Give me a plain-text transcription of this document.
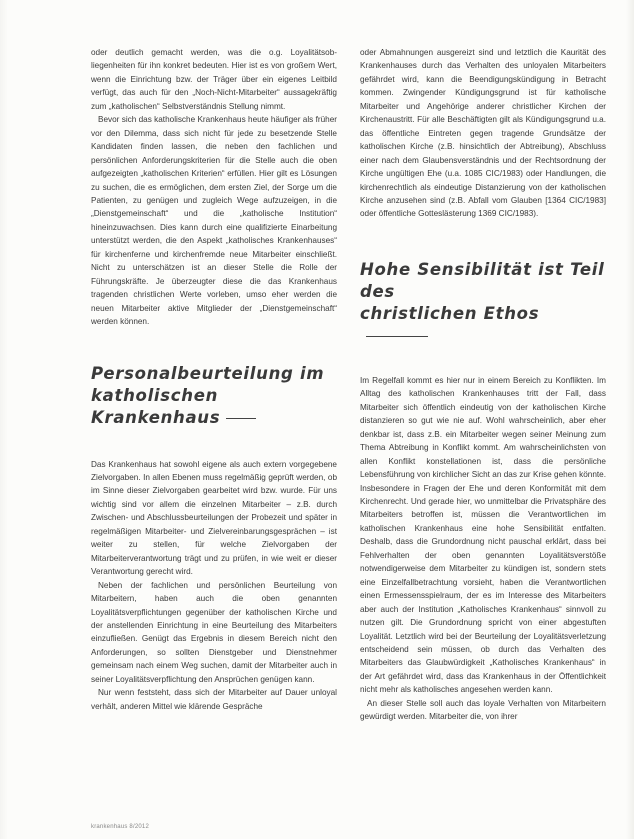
oder deutlich gemacht werden, was die o.g. Loyalitätsob-liegenheiten für ihn konkret bedeuten. Hier ist es von großem Wert, wenn die Einrichtung bzw. der Träger über ein eigenes Leitbild verfügt, das auch für den „Noch-Nicht-Mitarbeiter“ aussagekräftig zum „katholischen“ Selbstverständnis Stellung nimmt.

Bevor sich das katholische Krankenhaus heute häufiger als früher vor den Dilemma, dass sich nicht für jede zu besetzende Stelle Kandidaten finden lassen, die neben den fachlichen und persönlichen Anforderungskriterien für die Stelle auch die oben aufgezeigten „katholischen Kriterien“ erfüllen. Hier gilt es Lösungen zu suchen, die es ermöglichen, dem ersten Ziel, der Sorge um die Patienten, zu genügen und zugleich Wege aufzuzeigen, in die „Dienstgemeinschaft“ und die „katholische Institution“ hineinzuwachsen. Dies kann durch eine qualifizierte Einarbeitung unterstützt werden, die den Aspekt „katholisches Krankenhauses“ für kirchenferne und kirchenfremde neue Mitarbeiter einschließt. Nicht zu unterschätzen ist an dieser Stelle die Rolle der Führungskräfte. Je überzeugter diese die das Krankenhaus tragenden christlichen Werte vorleben, umso eher werden die neuen Mitarbeiter aktive Mitglieder der „Dienstgemeinschaft“ werden können.

Personalbeurteilung im
katholischen Krankenhaus

Das Krankenhaus hat sowohl eigene als auch extern vorgegebene Zielvorgaben. In allen Ebenen muss regelmäßig geprüft werden, ob im Sinne dieser Zielvorgaben gearbeitet wird bzw. wurde. Für uns wichtig sind vor allem die einzelnen Mitarbeiter – z.B. durch Zwischen- und Abschlussbeurteilungen der Probezeit und später in regelmäßigen Mitarbeiter- und Zielvereinbarungsgesprächen – ist weiter zu stellen, für welche Zielvorgaben der Mitarbeiterverantwortung trägt und zu prüfen, in wie weit er dieser Verantwortung gerecht wird.

Neben der fachlichen und persönlichen Beurteilung von Mitarbeitern, haben auch die oben genannten Loyalitätsverpflichtungen gegenüber der katholischen Kirche und der anstellenden Einrichtung in eine Beurteilung des Mitarbeiters einzufließen. Genügt das Ergebnis in diesem Bereich nicht den Anforderungen, so sollten Dienstgeber und Dienstnehmer gemeinsam nach einem Weg suchen, damit der Mitarbeiter auch in seiner Loyalitätsverpflichtung den Ansprüchen genügen kann.

Nur wenn feststeht, dass sich der Mitarbeiter auf Dauer unloyal verhält, anderen Mittel wie klärende Gespräche

oder Abmahnungen ausgereizt sind und letztlich die Kaurität des Krankenhauses durch das Verhalten des unloyalen Mitarbeiters gefährdet wird, kann die Beendigungskündigung in Betracht kommen. Zwingender Kündigungsgrund ist für katholische Mitarbeiter und Angehörige anderer christlicher Kirchen der Kirchenaustritt. Für alle Beschäftigten gilt als Kündigungsgrund u.a. das öffentliche Eintreten gegen tragende Grundsätze der katholischen Kirche (z.B. hinsichtlich der Abtreibung), Abschluss einer nach dem Glaubensverständnis und der Rechtsordnung der Kirche ungültigen Ehe (u.a. 1085 CIC/1983) oder Handlungen, die kirchenrechtlich als eindeutige Distanzierung von der katholischen Kirche anzusehen sind (z.B. Abfall vom Glauben [1364 CIC/1983] oder öffentliche Gotteslästerung 1369 CIC/1983).

Hohe Sensibilität ist Teil des
christlichen Ethos

Im Regelfall kommt es hier nur in einem Bereich zu Konflikten. Im Alltag des katholischen Krankenhauses tritt der Fall, dass Mitarbeiter sich öffentlich eindeutig von der katholischen Kirche distanzieren so gut wie nie auf. Wohl wahrscheinlich, aber eher denkbar ist, dass z.B. ein Mitarbeiter wegen seiner Meinung zum Thema Abtreibung in Konflikt kommt. Am wahrscheinlichsten von allen Konflikt konstellationen ist, dass die persönliche Lebensführung von kirchlicher Sicht an das zur Krise gehen könnte. Insbesondere in Fragen der Ehe und deren Konformität mit dem Kirchenrecht. Und gerade hier, wo unmittelbar die Privatsphäre des Mitarbeiters betroffen ist, müssen die Verantwortlichen im katholischen Krankenhaus eine hohe Sensibilität entfalten. Deshalb, dass die Grundordnung nicht pauschal erklärt, dass bei Fehlverhalten der oben genannten Loyalitätsverstöße notwendigerweise dem Mitarbeiter zu kündigen ist, sondern stets eine Einzelfallbetrachtung vorsieht, haben die Verantwortlichen einen Ermessensspielraum, der es im Interesse des Mitarbeiters aber auch der Institution „Katholisches Krankenhaus“ sinnvoll zu nutzen gilt. Die Grundordnung spricht von einer abgestuften Loyalität. Letztlich wird bei der Beurteilung der Loyalitätsverletzung entscheidend sein müssen, ob durch das Verhalten des Mitarbeiters das Glaubwürdigkeit „Katholisches Krankenhaus“ in der Art gefährdet wird, dass das Krankenhaus in der Öffentlichkeit nicht mehr als katholisches angesehen werden kann.

An dieser Stelle soll auch das loyale Verhalten von Mitarbeitern gewürdigt werden. Mitarbeiter die, von ihrer

krankenhaus 8/2012
